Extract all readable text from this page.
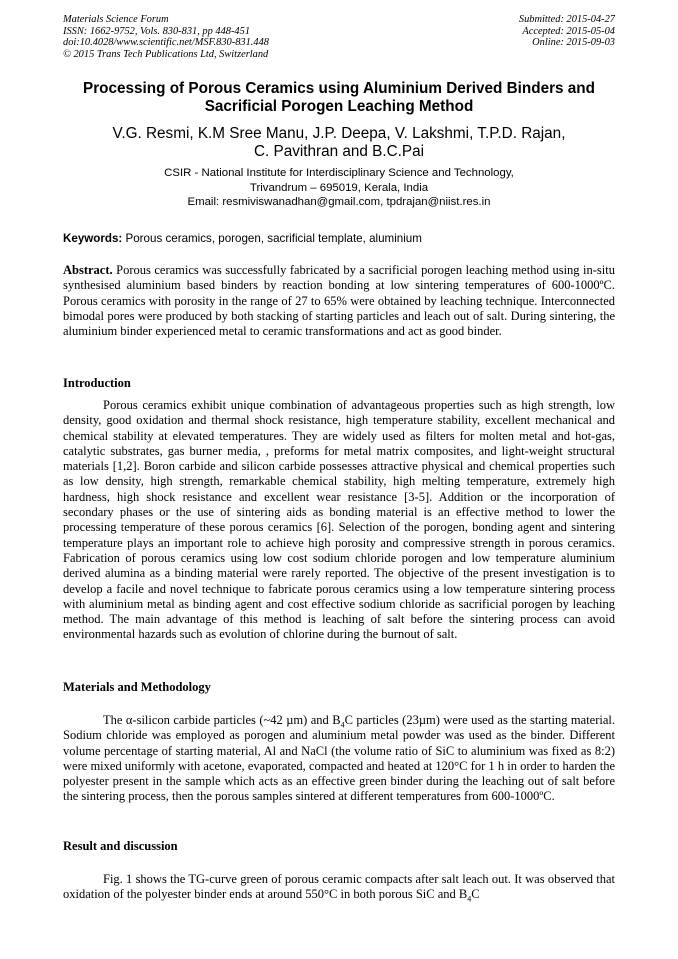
Materials Science Forum
ISSN: 1662-9752, Vols. 830-831, pp 448-451
doi:10.4028/www.scientific.net/MSF.830-831.448
© 2015 Trans Tech Publications Ltd, Switzerland
Submitted: 2015-04-27
Accepted: 2015-05-04
Online: 2015-09-03
Processing of Porous Ceramics using Aluminium Derived Binders and
Sacrificial Porogen Leaching Method
V.G. Resmi, K.M Sree Manu, J.P. Deepa, V. Lakshmi, T.P.D. Rajan,
C. Pavithran and B.C.Pai
CSIR - National Institute for Interdisciplinary Science and Technology,
Trivandrum – 695019, Kerala, India
Email: resmiviswanadhan@gmail.com, tpdrajan@niist.res.in
Keywords: Porous ceramics, porogen, sacrificial template, aluminium

Abstract. Porous ceramics was successfully fabricated by a sacrificial porogen leaching method using in-situ synthesised aluminium based binders by reaction bonding at low sintering temperatures of 600-1000ºC. Porous ceramics with porosity in the range of 27 to 65% were obtained by leaching technique. Interconnected bimodal pores were produced by both stacking of starting particles and leach out of salt. During sintering, the aluminium binder experienced metal to ceramic transformations and act as good binder.

Introduction

Porous ceramics exhibit unique combination of advantageous properties such as high strength, low density, good oxidation and thermal shock resistance, high temperature stability, excellent mechanical and chemical stability at elevated temperatures. They are widely used as filters for molten metal and hot-gas, catalytic substrates, gas burner media, , preforms for metal matrix composites, and light-weight structural materials [1,2]. Boron carbide and silicon carbide possesses attractive physical and chemical properties such as low density, high strength, remarkable chemical stability, high melting temperature, extremely high hardness, high shock resistance and excellent wear resistance [3-5]. Addition or the incorporation of secondary phases or the use of sintering aids as bonding material is an effective method to lower the processing temperature of these porous ceramics [6]. Selection of the porogen, bonding agent and sintering temperature plays an important role to achieve high porosity and compressive strength in porous ceramics. Fabrication of porous ceramics using low cost sodium chloride porogen and low temperature aluminium derived alumina as a binding material were rarely reported. The objective of the present investigation is to develop a facile and novel technique to fabricate porous ceramics using a low temperature sintering process with aluminium metal as binding agent and cost effective sodium chloride as sacrificial porogen by leaching method. The main advantage of this method is leaching of salt before the sintering process can avoid environmental hazards such as evolution of chlorine during the burnout of salt.

Materials and Methodology

The α-silicon carbide particles (~42 µm) and $B_4C$ particles (23µm) were used as the starting material. Sodium chloride was employed as porogen and aluminium metal powder was used as the binder. Different volume percentage of starting material, Al and NaCl (the volume ratio of SiC to aluminium was fixed as 8:2) were mixed uniformly with acetone, evaporated, compacted and heated at 120°C for 1 h in order to harden the polyester present in the sample which acts as an effective green binder during the leaching out of salt before the sintering process, then the porous samples sintered at different temperatures from 600-1000ºC.

Result and discussion

Fig. 1 shows the TG-curve green of porous ceramic compacts after salt leach out. It was observed that oxidation of the polyester binder ends at around 550°C in both porous SiC and $B_4C$
